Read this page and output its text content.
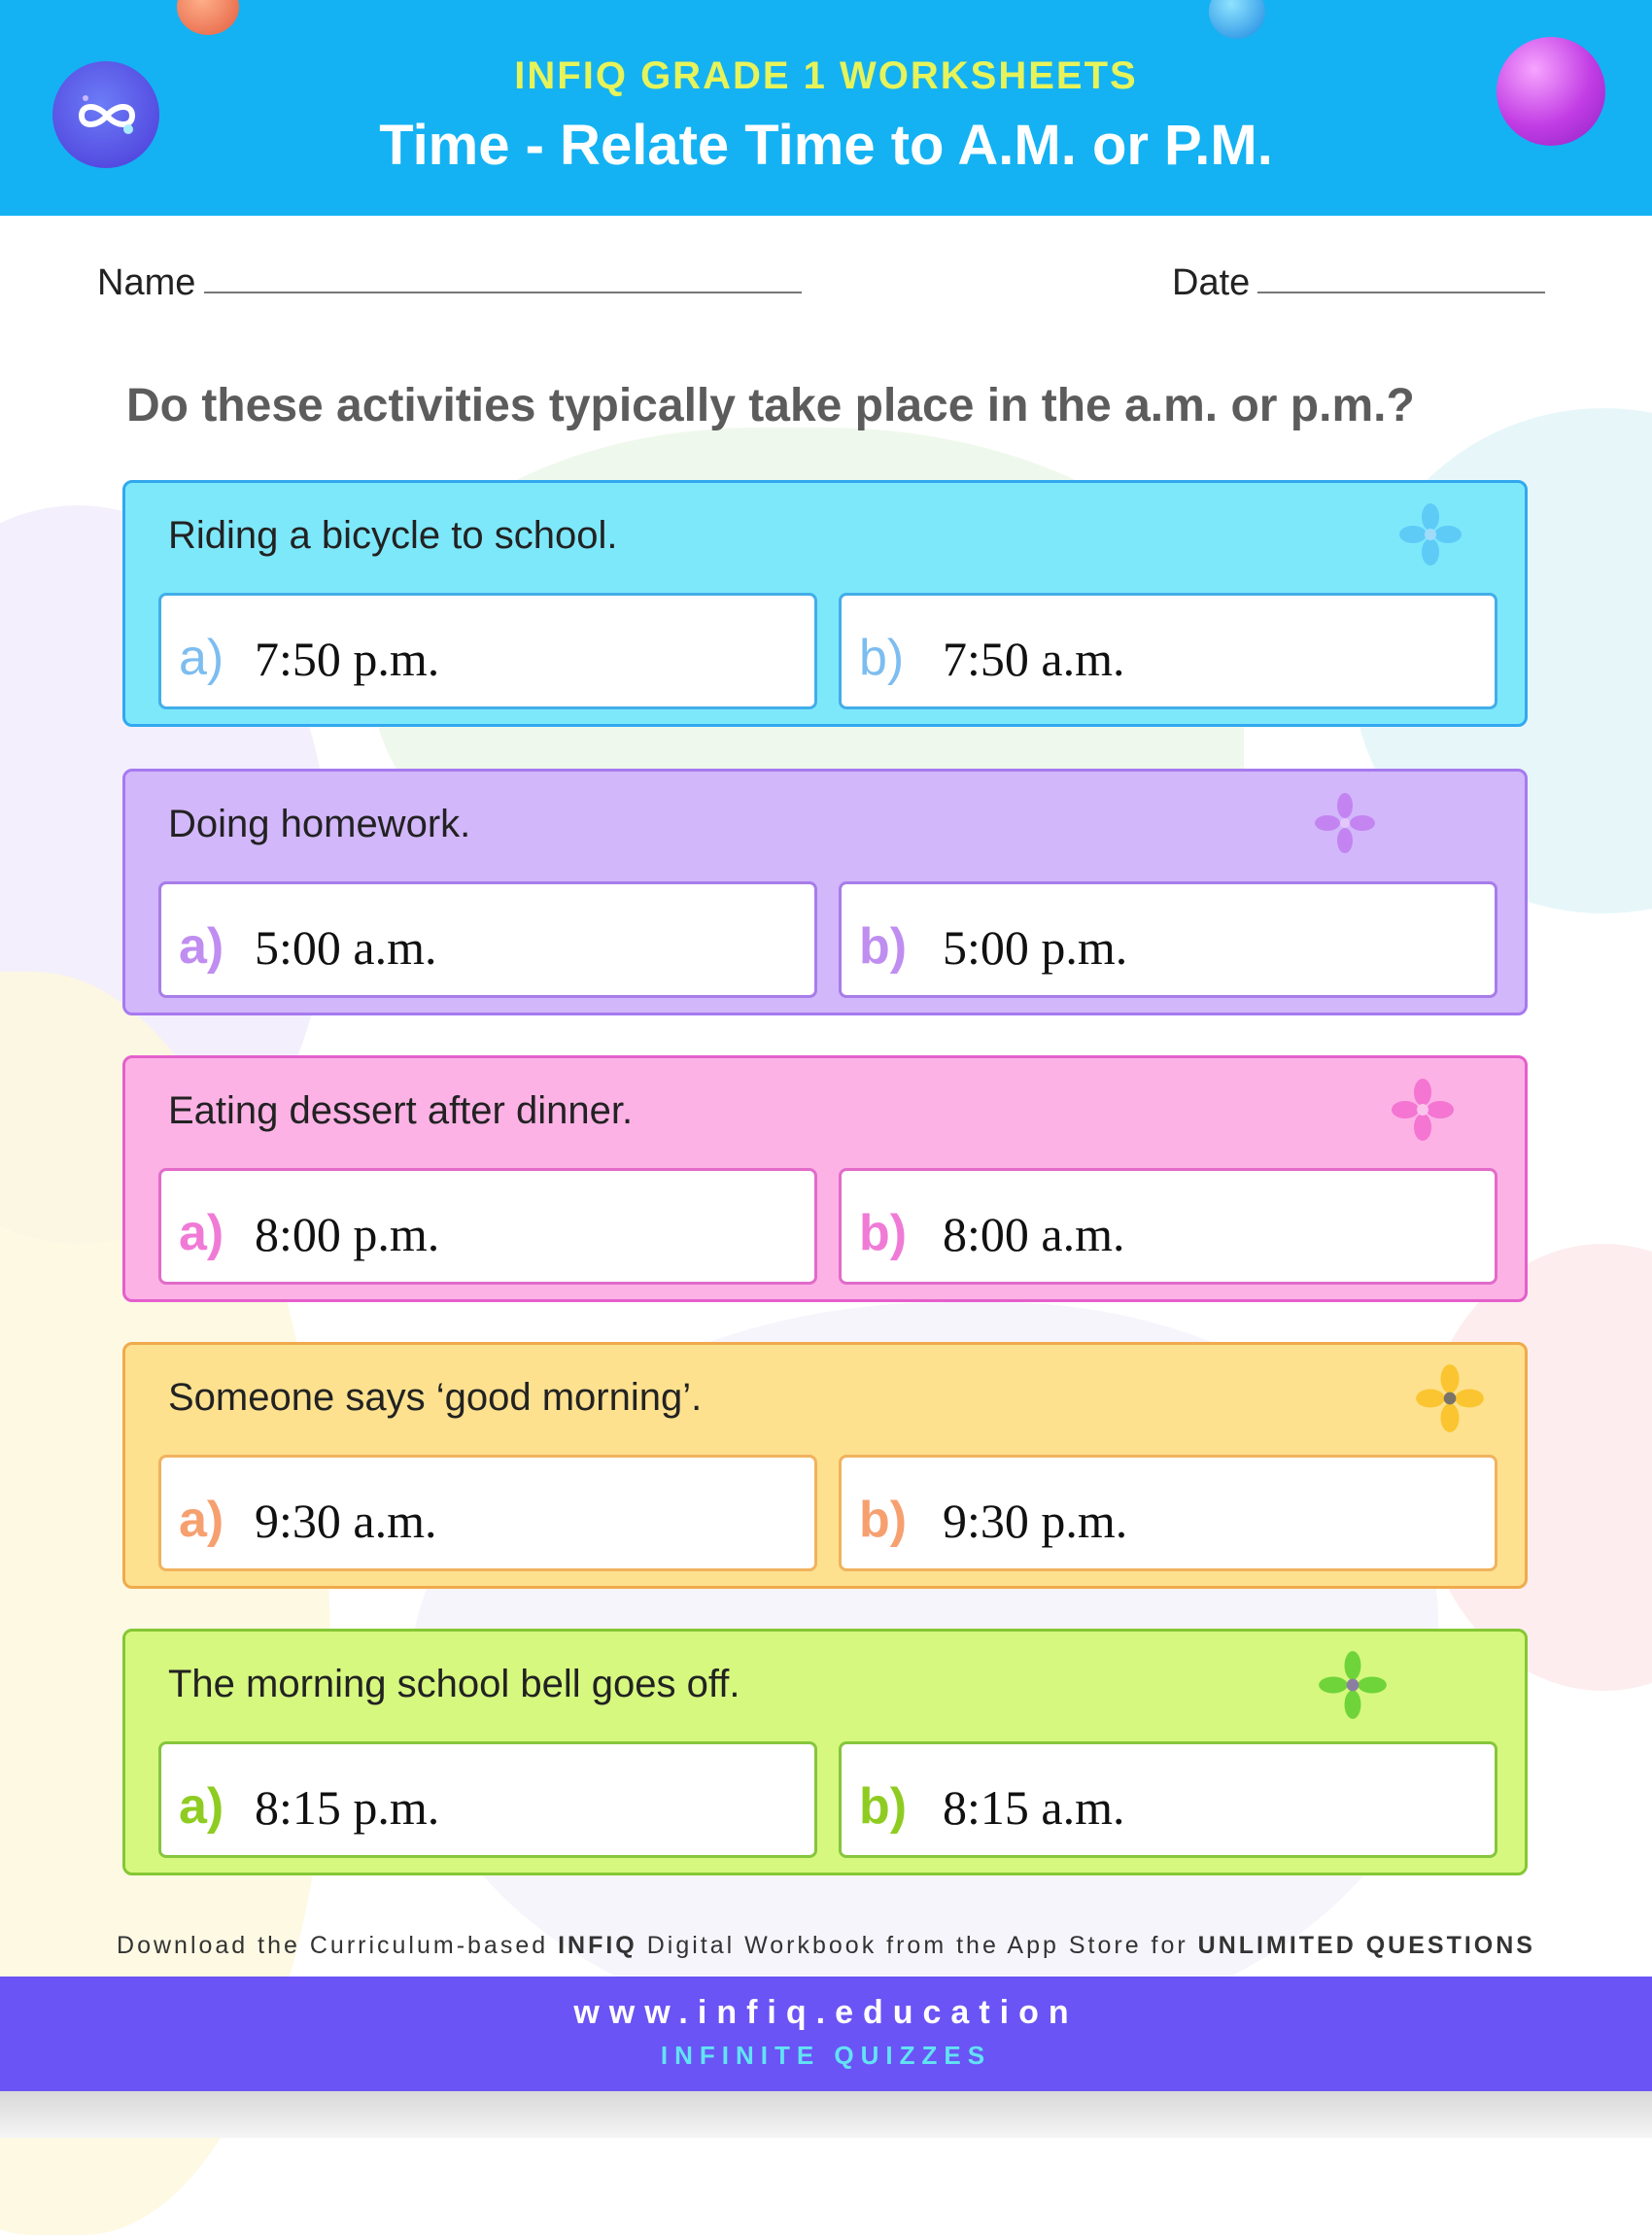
INFIQ GRADE 1 WORKSHEETS
Time - Relate Time to A.M. or P.M.
Name	Date
Do these activities typically take place in the a.m. or p.m.?
Riding a bicycle to school.
a) 7:50 p.m.	b) 7:50 a.m.
Doing homework.
a) 5:00 a.m.	b) 5:00 p.m.
Eating dessert after dinner.
a) 8:00 p.m.	b) 8:00 a.m.
Someone says ‘good morning’.
a) 9:30 a.m.	b) 9:30 p.m.
The morning school bell goes off.
a) 8:15 p.m.	b) 8:15 a.m.
Download the Curriculum-based INFIQ Digital Workbook from the App Store for UNLIMITED QUESTIONS
www.infiq.education
INFINITE QUIZZES
